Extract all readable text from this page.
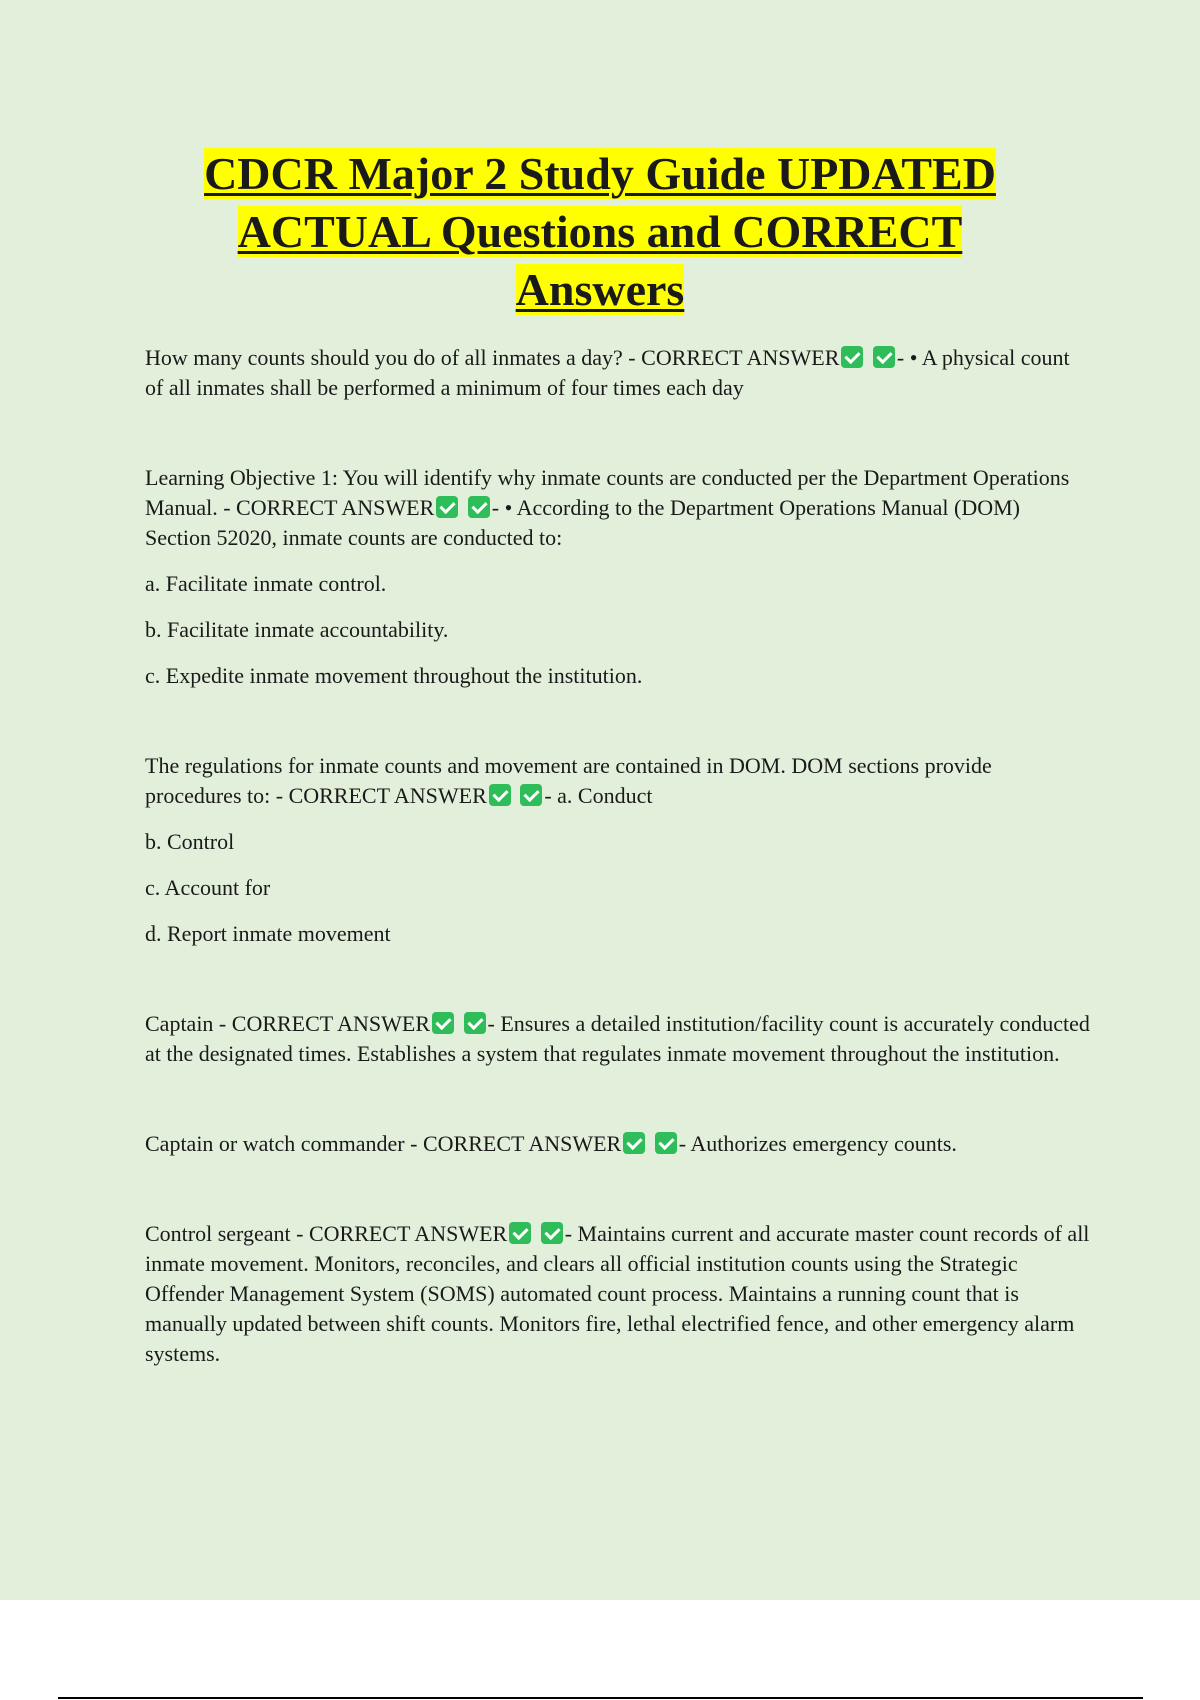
CDCR Major 2 Study Guide UPDATED
ACTUAL Questions and CORRECT
Answers

How many counts should you do of all inmates a day? - CORRECT ANSWER	- • A physical count of all inmates shall be performed a minimum of four times each day

Learning Objective 1: You will identify why inmate counts are conducted per the Department Operations Manual. - CORRECT ANSWER	- • According to the Department Operations Manual (DOM) Section 52020, inmate counts are conducted to:

a. Facilitate inmate control.

b. Facilitate inmate accountability.

c. Expedite inmate movement throughout the institution.

The regulations for inmate counts and movement are contained in DOM. DOM sections provide procedures to: - CORRECT ANSWER	- a. Conduct

b. Control

c. Account for

d. Report inmate movement

Captain - CORRECT ANSWER	- Ensures a detailed institution/facility count is accurately conducted at the designated times. Establishes a system that regulates inmate movement throughout the institution.

Captain or watch commander - CORRECT ANSWER	- Authorizes emergency counts.

Control sergeant - CORRECT ANSWER	- Maintains current and accurate master count records of all inmate movement. Monitors, reconciles, and clears all official institution counts using the Strategic Offender Management System (SOMS) automated count process. Maintains a running count that is manually updated between shift counts. Monitors fire, lethal electrified fence, and other emergency alarm systems.
